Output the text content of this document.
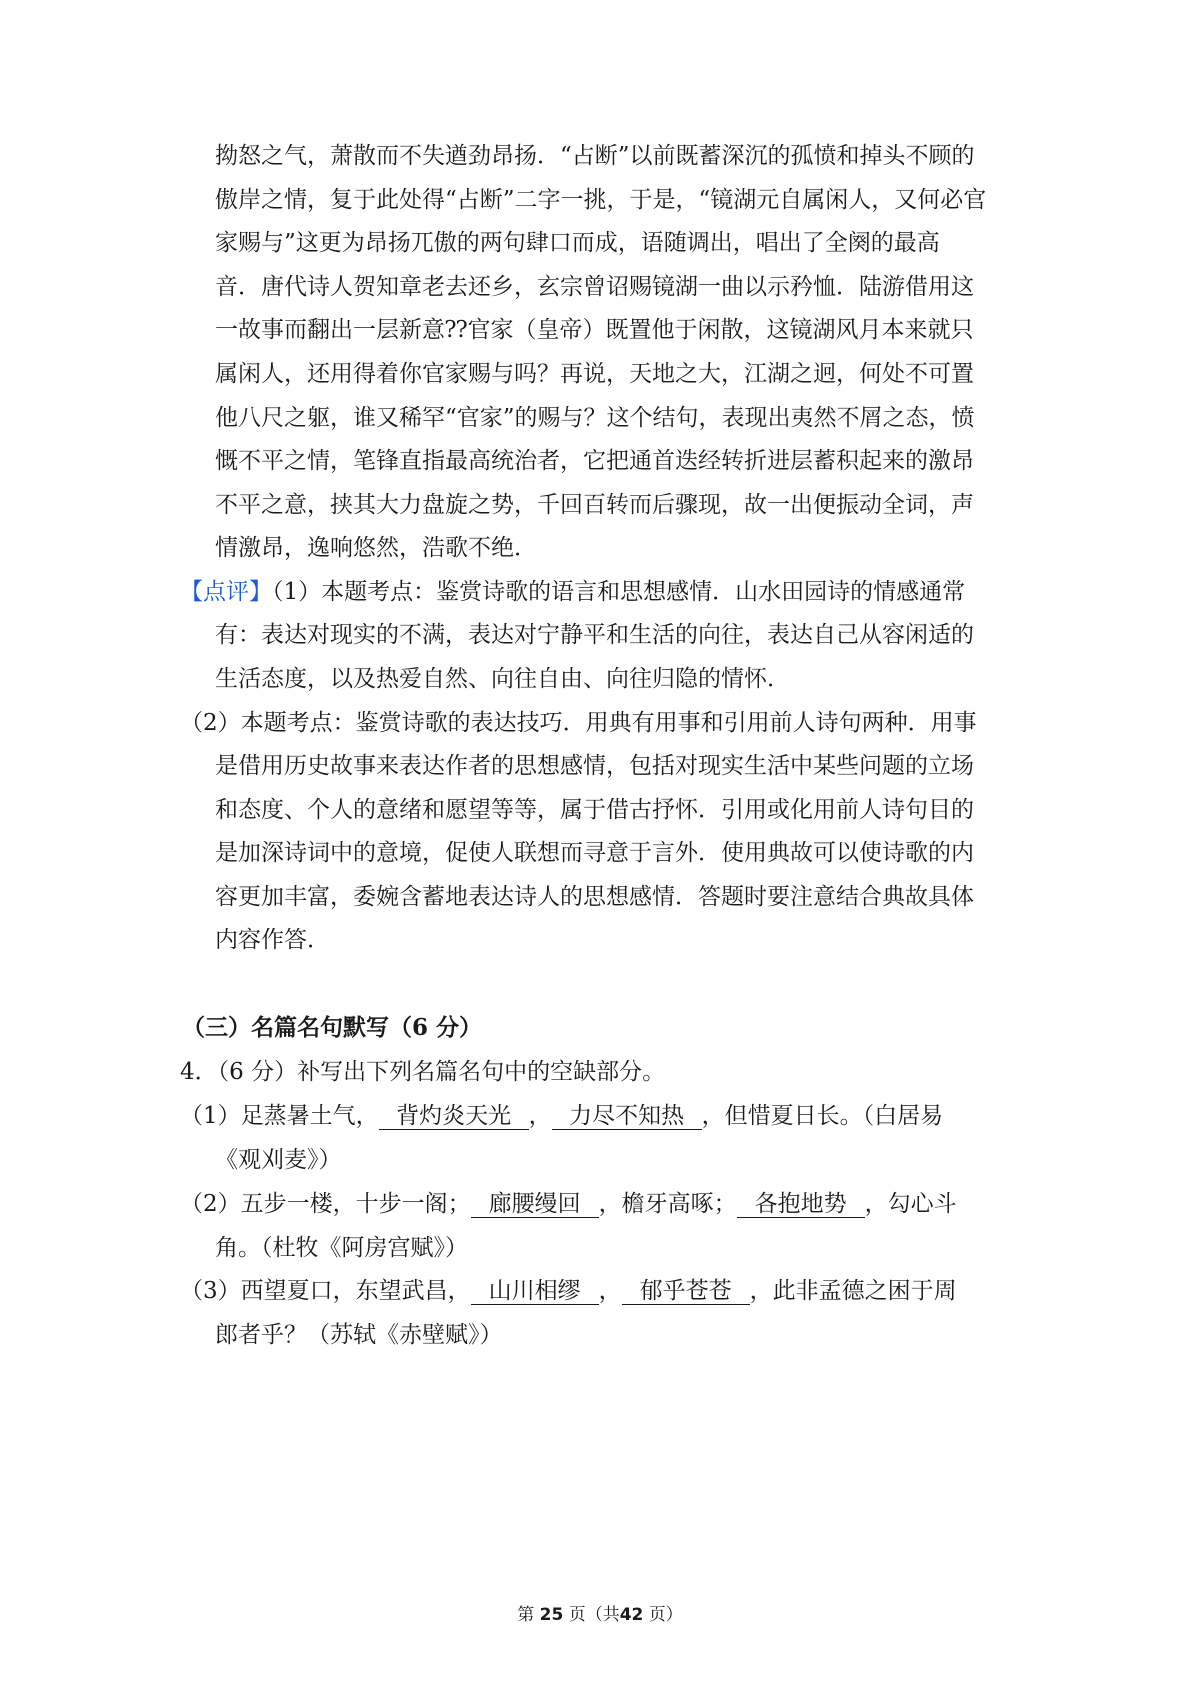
拗怒之气，萧散而不失遒劲昂扬．“占断”以前既蓄深沉的孤愤和掉头不顾的
傲岸之情，复于此处得“占断”二字一挑，于是，“镜湖元自属闲人，又何必官
家赐与”这更为昂扬兀傲的两句肆口而成，语随调出，唱出了全阕的最高
音．唐代诗人贺知章老去还乡，玄宗曾诏赐镜湖一曲以示矜恤．陆游借用这
一故事而翻出一层新意⁇官家（皇帝）既置他于闲散，这镜湖风月本来就只
属闲人，还用得着你官家赐与吗？再说，天地之大，江湖之迥，何处不可置
他八尺之躯，谁又稀罕“官家”的赐与？这个结句，表现出夷然不屑之态，愤
慨不平之情，笔锋直指最高统治者，它把通首迭经转折进层蓄积起来的激昂
不平之意，挟其大力盘旋之势，千回百转而后骤现，故一出便振动全词，声
情激昂，逸响悠然，浩歌不绝．
【点评】（1）本题考点：鉴赏诗歌的语言和思想感情．山水田园诗的情感通常
有：表达对现实的不满，表达对宁静平和生活的向往，表达自己从容闲适的
生活态度，以及热爱自然、向往自由、向往归隐的情怀．
（2）本题考点：鉴赏诗歌的表达技巧．用典有用事和引用前人诗句两种．用事
是借用历史故事来表达作者的思想感情，包括对现实生活中某些问题的立场
和态度、个人的意绪和愿望等等，属于借古抒怀．引用或化用前人诗句目的
是加深诗词中的意境，促使人联想而寻意于言外．使用典故可以使诗歌的内
容更加丰富，委婉含蓄地表达诗人的思想感情．答题时要注意结合典故具体
内容作答．
（三）名篇名句默写（6 分）
4．（6 分）补写出下列名篇名句中的空缺部分。
（1）足蒸暑土气， 背灼炎天光 ， 力尽不知热 ，但惜夏日长。（白居易
《观刈麦》）
（2）五步一楼，十步一阁； 廊腰缦回 ，檐牙高啄； 各抱地势 ，勾心斗
角。（杜牧《阿房宫赋》）
（3）西望夏口，东望武昌， 山川相缪 ， 郁乎苍苍 ，此非孟德之困于周
郎者乎？（苏轼《赤壁赋》）
第 25 页（共42 页）
